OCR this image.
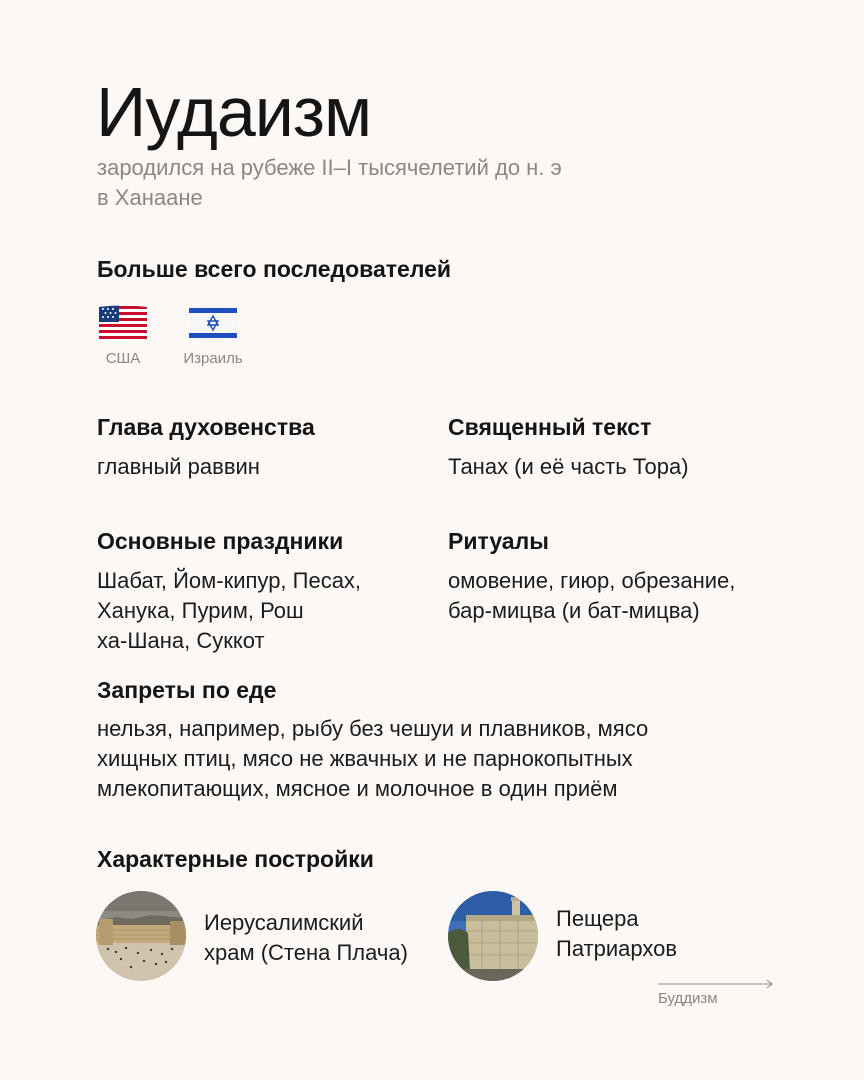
Иудаизм
зародился на рубеже II–I тысячелетий до н. э
в Ханаане
Больше всего последователей
США	Израиль
Глава духовенства
главный раввин
Священный текст
Танах (и её часть Тора)
Основные праздники
Шабат, Йом-кипур, Песах,
Ханука, Пурим, Рош
ха-Шана, Суккот
Ритуалы
омовение, гиюр, обрезание,
бар-мицва (и бат-мицва)
Запреты по еде
нельзя, например, рыбу без чешуи и плавников, мясо
хищных птиц, мясо не жвачных и не парнокопытных
млекопитающих, мясное и молочное в один приём
Характерные постройки
Иерусалимский
храм (Стена Плача)
Пещера
Патриархов
Буддизм
